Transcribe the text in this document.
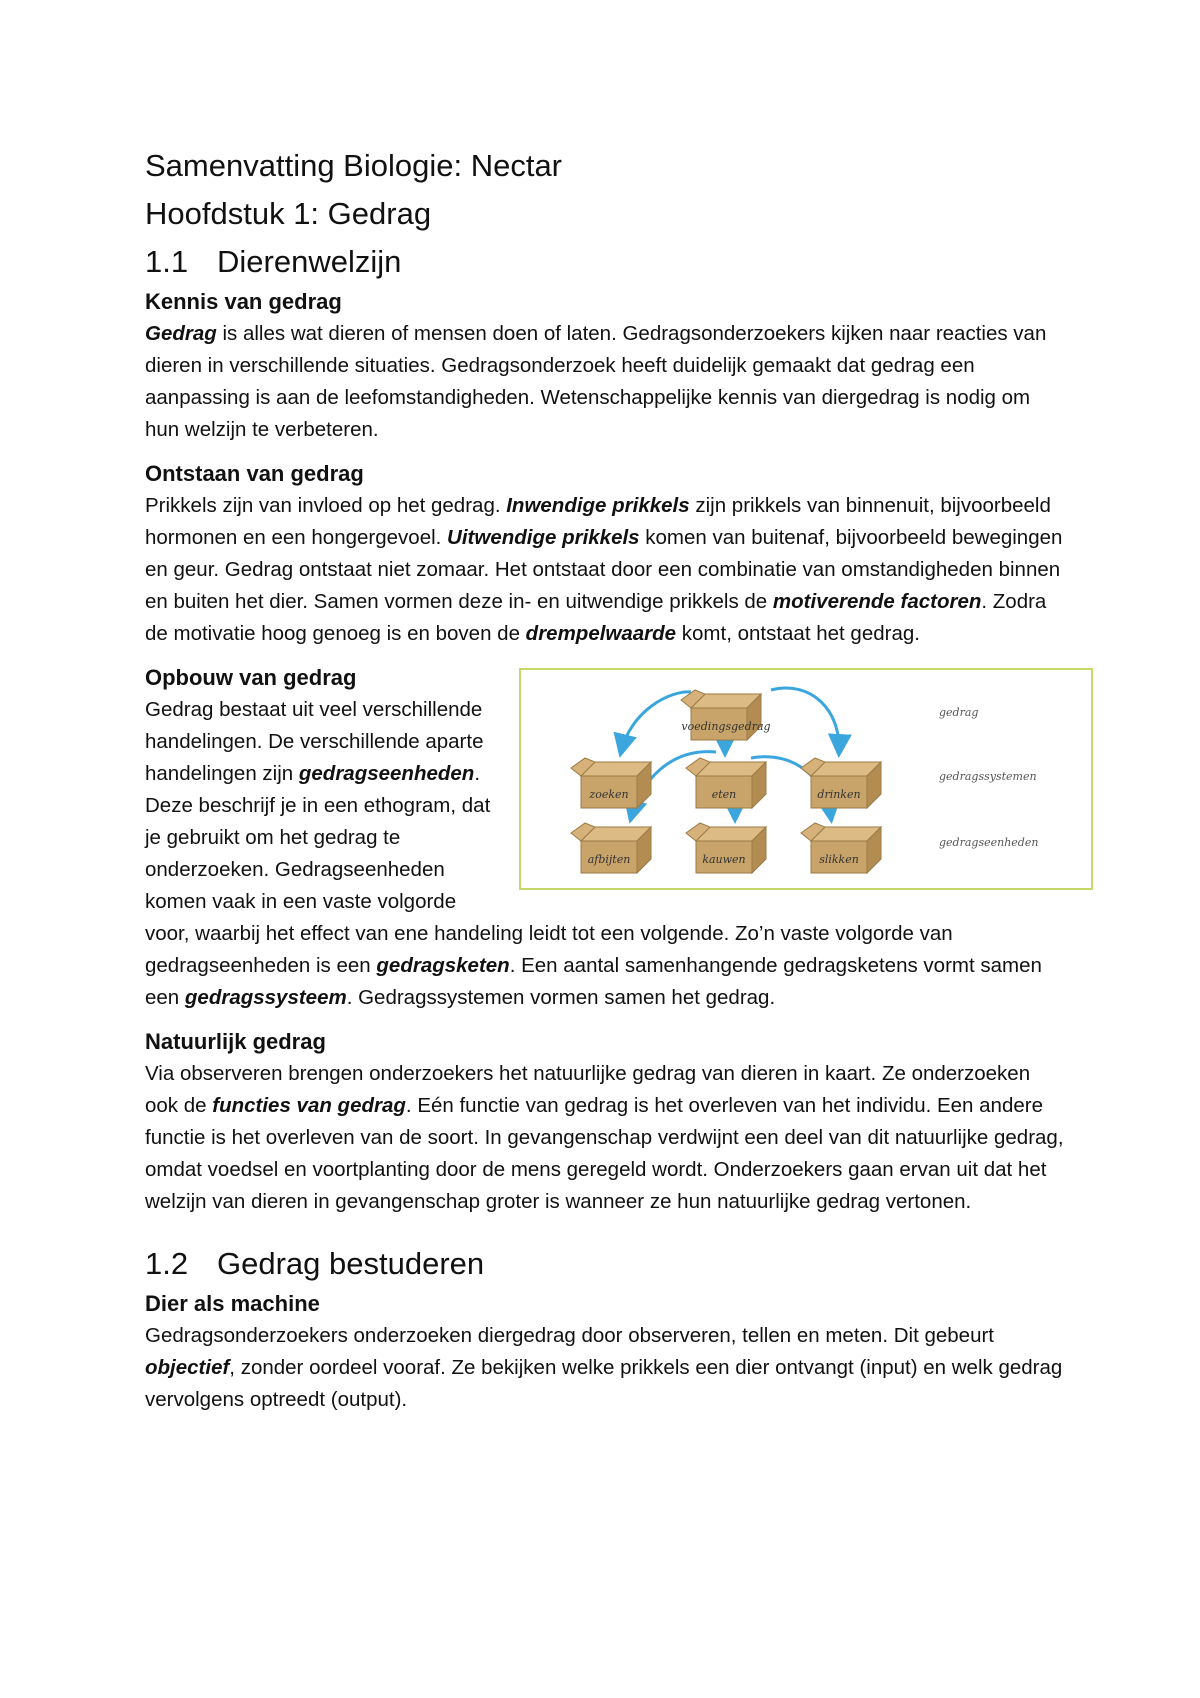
Samenvatting Biologie: Nectar
Hoofdstuk 1: Gedrag
1.1 Dierenwelzijn
Kennis van gedrag

Gedrag is alles wat dieren of mensen doen of laten. Gedragsonderzoekers kijken naar reacties van dieren in verschillende situaties. Gedragsonderzoek heeft duidelijk gemaakt dat gedrag een aanpassing is aan de leefomstandigheden. Wetenschappelijke kennis van diergedrag is nodig om hun welzijn te verbeteren.

Ontstaan van gedrag

Prikkels zijn van invloed op het gedrag. Inwendige prikkels zijn prikkels van binnenuit, bijvoorbeeld hormonen en een hongergevoel. Uitwendige prikkels komen van buitenaf, bijvoorbeeld bewegingen en geur. Gedrag ontstaat niet zomaar. Het ontstaat door een combinatie van omstandigheden binnen en buiten het dier. Samen vormen deze in- en uitwendige prikkels de motiverende factoren. Zodra de motivatie hoog genoeg is en boven de drempelwaarde komt, ontstaat het gedrag.

voedingsgedrag
zoeken	eten	drinken
afbijten	kauwen	slikken
gedrag
gedragssystemen
gedragseenheden
Opbouw van gedrag

Gedrag bestaat uit veel verschillende handelingen. De verschillende aparte handelingen zijn gedragseenheden. Deze beschrijf je in een ethogram, dat je gebruikt om het gedrag te onderzoeken. Gedragseenheden komen vaak in een vaste volgorde voor, waarbij het effect van ene handeling leidt tot een volgende. Zo’n vaste volgorde van gedragseenheden is een gedragsketen. Een aantal samenhangende gedragsketens vormt samen een gedragssysteem. Gedragssystemen vormen samen het gedrag.

Natuurlijk gedrag

Via observeren brengen onderzoekers het natuurlijke gedrag van dieren in kaart. Ze onderzoeken ook de functies van gedrag. Eén functie van gedrag is het overleven van het individu. Een andere functie is het overleven van de soort. In gevangenschap verdwijnt een deel van dit natuurlijke gedrag, omdat voedsel en voortplanting door de mens geregeld wordt. Onderzoekers gaan ervan uit dat het welzijn van dieren in gevangenschap groter is wanneer ze hun natuurlijke gedrag vertonen.

1.2 Gedrag bestuderen
Dier als machine

Gedragsonderzoekers onderzoeken diergedrag door observeren, tellen en meten. Dit gebeurt objectief, zonder oordeel vooraf. Ze bekijken welke prikkels een dier ontvangt (input) en welk gedrag vervolgens optreedt (output).
